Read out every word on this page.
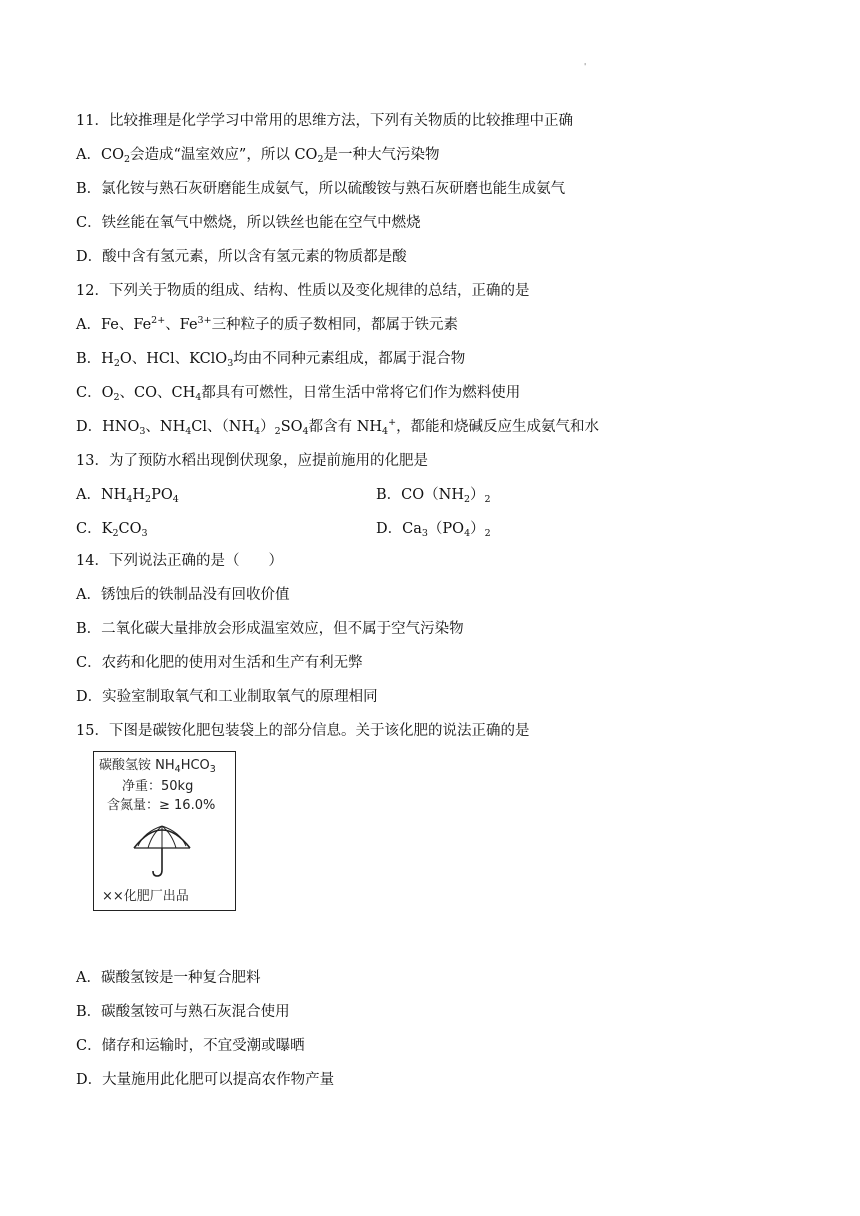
'
11．比较推理是化学学习中常用的思维方法，下列有关物质的比较推理中正确
A．$CO_2$会造成“温室效应”，所以 $CO_2$是一种大气污染物
B．氯化铵与熟石灰研磨能生成氨气，所以硫酸铵与熟石灰研磨也能生成氨气
C．铁丝能在氧气中燃烧，所以铁丝也能在空气中燃烧
D．酸中含有氢元素，所以含有氢元素的物质都是酸
12．下列关于物质的组成、结构、性质以及变化规律的总结，正确的是
A．Fe、$Fe^{2+}$、$Fe^{3+}$三种粒子的质子数相同，都属于铁元素
B．$H_2O$、HCl、KClO$_3$均由不同种元素组成，都属于混合物
C．$O_2$、CO、$CH_4$都具有可燃性，日常生活中常将它们作为燃料使用
D．$HNO_3$、$NH_4Cl$、$(NH_4)_2SO_4$都含有 $NH_4^+$，都能和烧碱反应生成氨气和水
13．为了预防水稻出现倒伏现象，应提前施用的化肥是
A．$NH_4H_2PO_4$	B．$CO(NH_2)_2$
C．$K_2CO_3$	D．$Ca_3(PO_4)_2$
14．下列说法正确的是（　　）
A．锈蚀后的铁制品没有回收价值
B．二氧化碳大量排放会形成温室效应，但不属于空气污染物
C．农药和化肥的使用对生活和生产有利无弊
D．实验室制取氧气和工业制取氧气的原理相同
15．下图是碳铵化肥包装袋上的部分信息。关于该化肥的说法正确的是
碳酸氢铵 $NH_4HCO_3$
净重：50kg
含氮量：≥ 16.0%
××化肥厂出品
A．碳酸氢铵是一种复合肥料
B．碳酸氢铵可与熟石灰混合使用
C．储存和运输时，不宜受潮或曝晒
D．大量施用此化肥可以提高农作物产量
